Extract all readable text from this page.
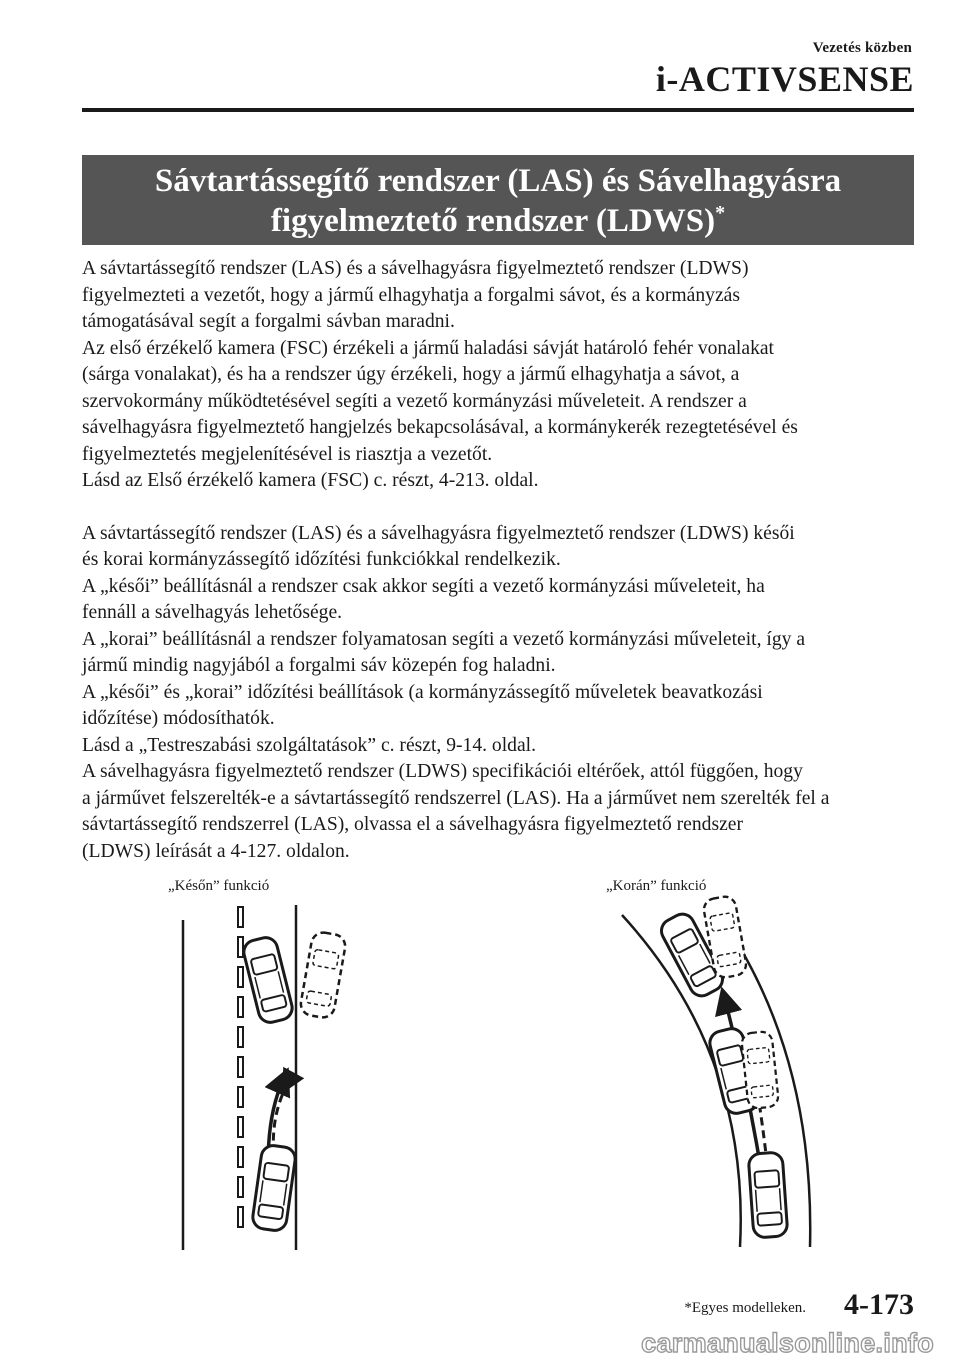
Vezetés közben
i-ACTIVSENSE
Sávtartássegítő rendszer (LAS) és Sávelhagyásra
figyelmeztető rendszer (LDWS)*

A sávtartássegítő rendszer (LAS) és a sávelhagyásra figyelmeztető rendszer (LDWS)

figyelmezteti a vezetőt, hogy a jármű elhagyhatja a forgalmi sávot, és a kormányzás

támogatásával segít a forgalmi sávban maradni.

Az első érzékelő kamera (FSC) érzékeli a jármű haladási sávját határoló fehér vonalakat

(sárga vonalakat), és ha a rendszer úgy érzékeli, hogy a jármű elhagyhatja a sávot, a

szervokormány működtetésével segíti a vezető kormányzási műveleteit. A rendszer a

sávelhagyásra figyelmeztető hangjelzés bekapcsolásával, a kormánykerék rezegtetésével és

figyelmeztetés megjelenítésével is riasztja a vezetőt.

Lásd az Első érzékelő kamera (FSC) c. részt, 4-213. oldal.

A sávtartássegítő rendszer (LAS) és a sávelhagyásra figyelmeztető rendszer (LDWS) késői

és korai kormányzássegítő időzítési funkciókkal rendelkezik.

A „késői” beállításnál a rendszer csak akkor segíti a vezető kormányzási műveleteit, ha

fennáll a sávelhagyás lehetősége.

A „korai” beállításnál a rendszer folyamatosan segíti a vezető kormányzási műveleteit, így a

jármű mindig nagyjából a forgalmi sáv közepén fog haladni.

A „késői” és „korai” időzítési beállítások (a kormányzássegítő műveletek beavatkozási

időzítése) módosíthatók.

Lásd a „Testreszabási szolgáltatások” c. részt, 9-14. oldal.

A sávelhagyásra figyelmeztető rendszer (LDWS) specifikációi eltérőek, attól függően, hogy

a járművet felszerelték-e a sávtartássegítő rendszerrel (LAS). Ha a járművet nem szerelték fel a

sávtartássegítő rendszerrel (LAS), olvassa el a sávelhagyásra figyelmeztető rendszer

(LDWS) leírását a 4-127. oldalon.

„Későn” funkció	„Korán” funkció
*Egyes modelleken. 4-173
carmanualsonline.info
